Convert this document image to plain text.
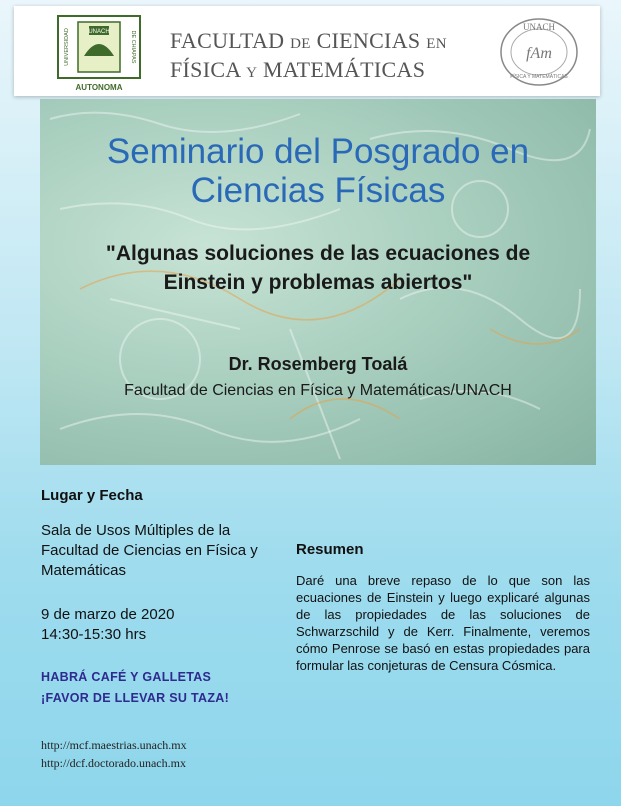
UNACH
UNIVERSIDAD	DE CHIAPAS
AUTONOMA
FACULTAD DE CIENCIAS EN
FÍSICA Y MATEMÁTICAS
UNACH
fAm
FÍSICA Y MATEMÁTICAS
Seminario del Posgrado en
Ciencias Físicas
"Algunas soluciones de las ecuaciones de
Einstein y problemas abiertos"
Dr. Rosemberg Toalá
Facultad de Ciencias en Física y Matemáticas/UNACH
Lugar y Fecha
Sala de Usos Múltiples de la Facultad de Ciencias en Física y Matemáticas
9 de marzo de 2020
14:30-15:30 hrs
HABRÁ CAFÉ Y GALLETAS
¡FAVOR DE LLEVAR SU TAZA!
http://mcf.maestrias.unach.mx
http://dcf.doctorado.unach.mx
Resumen
Daré una breve repaso de lo que son las ecuaciones de Einstein y luego explicaré algunas de las propiedades de las soluciones de Schwarzschild y de Kerr. Finalmente, veremos cómo Penrose se basó en estas propiedades para formular las conjeturas de Censura Cósmica.
